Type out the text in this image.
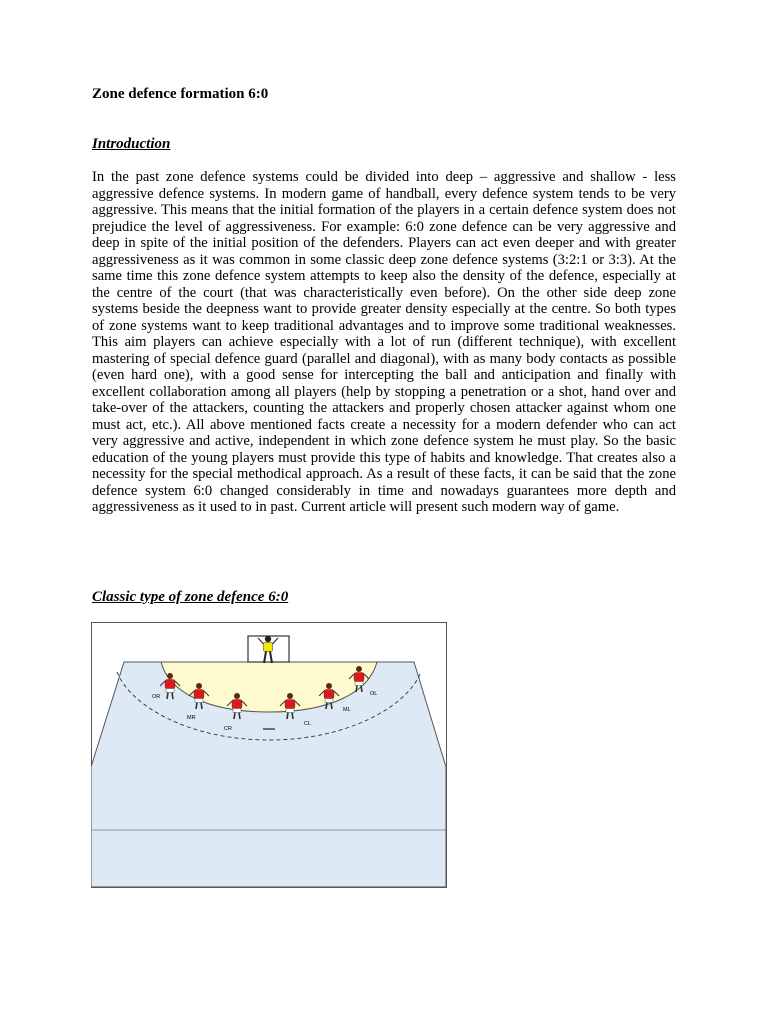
Zone defence formation 6:0

Introduction

In the past zone defence systems could be divided into deep – aggressive and shallow - less aggressive defence systems. In modern game of handball, every defence system tends to be very aggressive. This means that the initial formation of the players in a certain defence system does not prejudice the level of aggressiveness. For example: 6:0 zone defence can be very aggressive and deep in spite of the initial position of the defenders. Players can act even deeper and with greater aggressiveness as it was common in some classic deep zone defence systems (3:2:1 or 3:3). At the same time this zone defence system attempts to keep also the density of the defence, especially at the centre of the court (that was characteristically even before). On the other side deep zone systems beside the deepness want to provide greater density especially at the centre. So both types of zone systems want to keep traditional advantages and to improve some traditional weaknesses. This aim players can achieve especially with a lot of run (different technique), with excellent mastering of special defence guard (parallel and diagonal), with as many body contacts as possible (even hard one), with a good sense for intercepting the ball and anticipation and finally with excellent collaboration among all players (help by stopping a penetration or a shot, hand over and take-over of the attackers, counting the attackers and properly chosen attacker against whom one must act, etc.). All above mentioned facts create a necessity for a modern defender who can act very aggressive and active, independent in which zone defence system he must play. So the basic education of the young players must provide this type of habits and knowledge. That creates also a necessity for the special methodical approach. As a result of these facts, it can be said that the zone defence system 6:0 changed considerably in time and nowadays guarantees more depth and aggressiveness as it used to in past. Current article will present such modern way of game.

Classic type of zone defence 6:0

OR
MR
CR
CL
ML
OL
